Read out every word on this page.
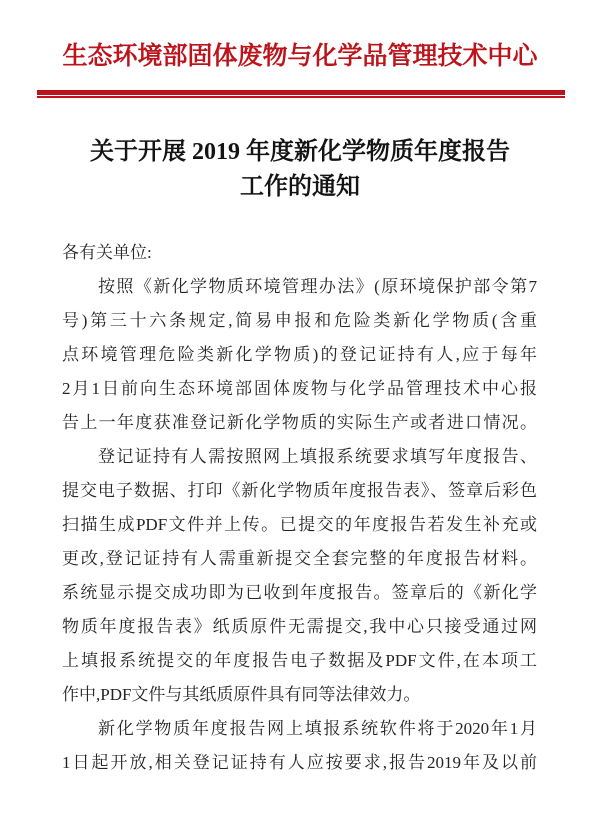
生态环境部固体废物与化学品管理技术中心
关于开展 2019 年度新化学物质年度报告
工作的通知
各有关单位:
按照《新化学物质环境管理办法》(原环境保护部令第7
号)第三十六条规定,简易申报和危险类新化学物质(含重
点环境管理危险类新化学物质)的登记证持有人,应于每年
2月1日前向生态环境部固体废物与化学品管理技术中心报
告上一年度获准登记新化学物质的实际生产或者进口情况。
登记证持有人需按照网上填报系统要求填写年度报告、
提交电子数据、打印《新化学物质年度报告表》、签章后彩色
扫描生成PDF文件并上传。已提交的年度报告若发生补充或
更改,登记证持有人需重新提交全套完整的年度报告材料。
系统显示提交成功即为已收到年度报告。签章后的《新化学
物质年度报告表》纸质原件无需提交,我中心只接受通过网
上填报系统提交的年度报告电子数据及PDF文件,在本项工
作中,PDF文件与其纸质原件具有同等法律效力。
新化学物质年度报告网上填报系统软件将于2020年1月
1日起开放,相关登记证持有人应按要求,报告2019年及以前
